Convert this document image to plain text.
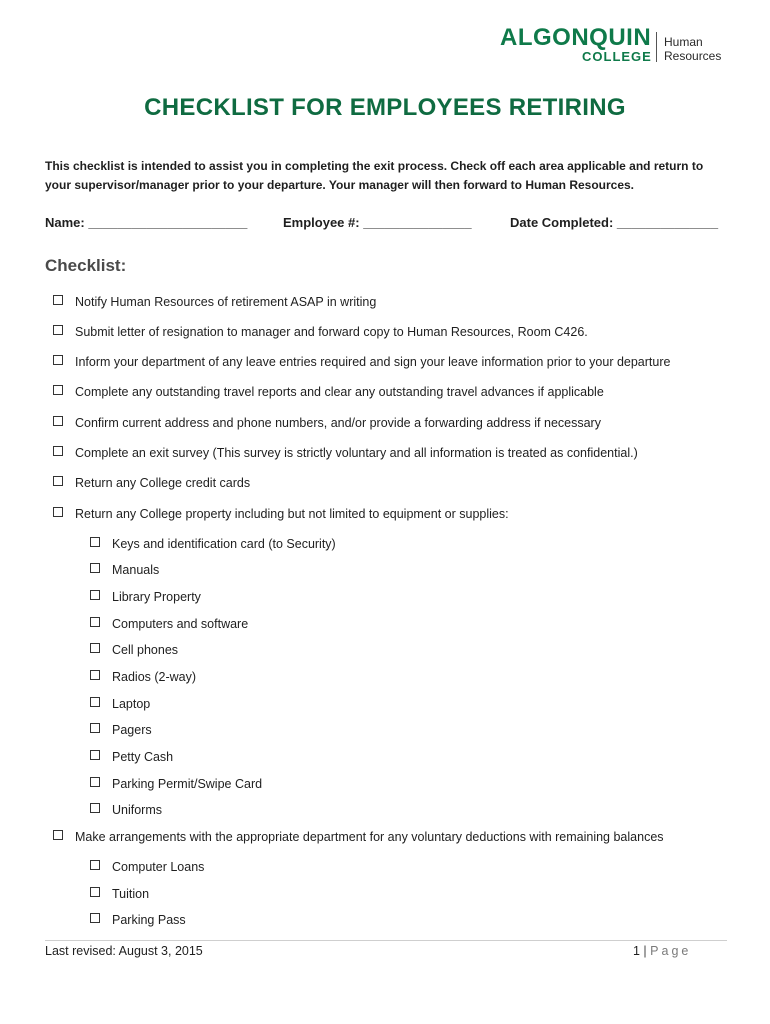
ALGONQUIN
COLLEGE
Human
Resources
CHECKLIST FOR EMPLOYEES RETIRING
This checklist is intended to assist you in completing the exit process. Check off each area applicable and return to your supervisor/manager prior to your departure. Your manager will then forward to Human Resources.
Name: ______________________	Employee #: _______________	Date Completed: ______________
Checklist:
Notify Human Resources of retirement ASAP in writing
Submit letter of resignation to manager and forward copy to Human Resources, Room C426.
Inform your department of any leave entries required and sign your leave information prior to your departure
Complete any outstanding travel reports and clear any outstanding travel advances if applicable
Confirm current address and phone numbers, and/or provide a forwarding address if necessary
Complete an exit survey (This survey is strictly voluntary and all information is treated as confidential.)
Return any College credit cards
Return any College property including but not limited to equipment or supplies:
Keys and identification card (to Security)
Manuals
Library Property
Computers and software
Cell phones
Radios (2-way)
Laptop
Pagers
Petty Cash
Parking Permit/Swipe Card
Uniforms
Make arrangements with the appropriate department for any voluntary deductions with remaining balances
Computer Loans
Tuition
Parking Pass
Last revised: August 3, 2015	1 | Page
